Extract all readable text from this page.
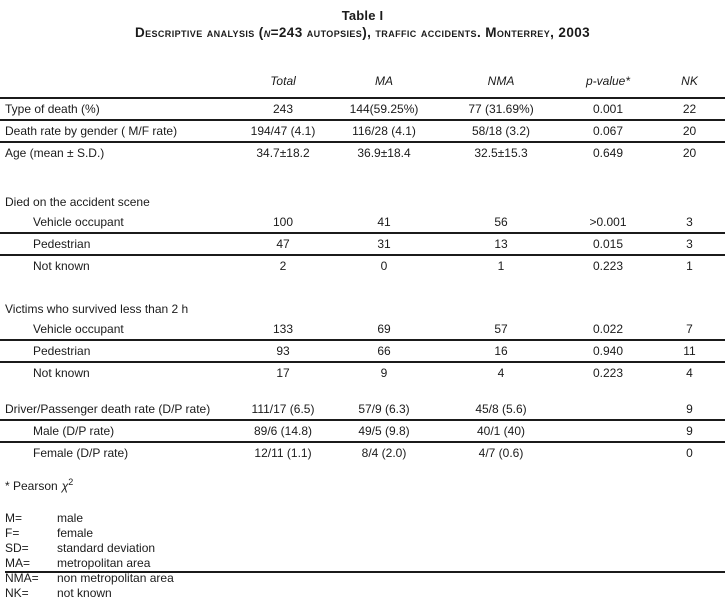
Table I
Descriptive analysis (n=243 autopsies), traffic accidents. Monterrey, 2003
	Total	MA	NMA	p-value*	NK
Type of death (%)	243	144(59.25%)	77 (31.69%)	0.001	22
Death rate by gender ( M/F rate)	194/47 (4.1)	116/28 (4.1)	58/18 (3.2)	0.067	20
Age (mean ± S.D.)	34.7±18.2	36.9±18.4	32.5±15.3	0.649	20

Died on the accident scene					
Vehicle occupant	100	41	56	>0.001	3
Pedestrian	47	31	13	0.015	3
Not known	2	0	1	0.223	1

Victims who survived less than 2 h					
Vehicle occupant	133	69	57	0.022	7
Pedestrian	93	66	16	0.940	11
Not known	17	9	4	0.223	4

Driver/Passenger death rate (D/P rate)	111/17 (6.5)	57/9 (6.3)	45/8 (5.6)		9
Male (D/P rate)	89/6 (14.8)	49/5 (9.8)	40/1 (40)		9
Female (D/P rate)	12/11 (1.1)	8/4 (2.0)	4/7 (0.6)		0
* Pearson $\chi^2$
M=	male
F=	female
SD=	standard deviation
MA=	metropolitan area
NMA=	non metropolitan area
NK=	not known
